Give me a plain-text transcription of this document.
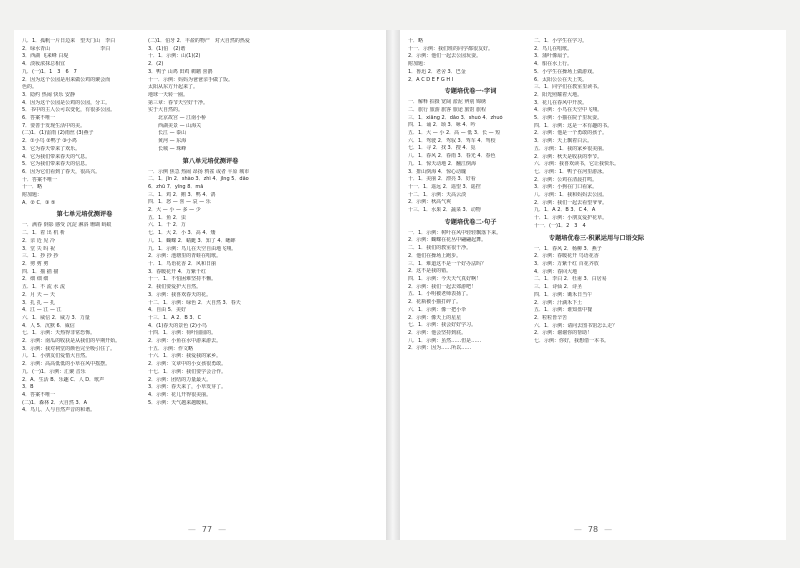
八．1．孤帆一片日边来　望天门山　李白
2．绿水青山　　　　　　　　　　李白
3．西湖 飞来峰 白堤　　　　　
4．淡妆浓抹总相宜　　　　　　
九．(一)1．1　3　6　7
2．因为这个公园是用来做公鸡的聚会而
色的。
3．隐约 热闹 快乐 安静
4．因为这个公园是公鸡的公园，分工。
5．书中的主人公可以变化，有很多公园。
6．答案不唯一　　　　　
7．要善于发现生活中的美。
(二)1．(1)雷雨 (2)雨丝 (3)燕子
2．①小鸟 ②鸭子 ③小鸡
3．它为春天带来了欢乐。
4．它为我们带来春天的气息。
5．它为我们带来春天的信息。
6．因为它们看到了春天，很高兴。
十．答案不唯一
十一．略
附加题：
A．② C．③ ⑤
第七单元培优测评卷
一．满春 倒影 感受 沉淀 淋浴 珊瑚 蚂蚁
二．1．着 出 机 析
2．亲 近 见 冷
3．堂 失 吗 祝
三．1．抄 抄 抄
2．剪 剪 剪
四．1．描 描 描
2．细 细 细
五．1．不 流 水 流
2．月 天 — 天
3．扎 扎 — 扎
4．江 — 江 — 江
六．1．威信 2．威力 3．力量
4．人 5．沉默 6．威信
七．1．示例：天热得非常恐怖。
2．示例：南瓜的收获是从我们的早期开始。
3．示例：我对祠堂的颜色完全吸引住了。
八．1．小朋友们爱惜大自然。
2．示例：高高低低的小草在风中摇摆。
九．(一)1．示例：汇聚 音乐
2．A．生活 B．乐趣 C．人 D．歌声
3．B
4．答案不唯一
(二)1．森林 2．大自然 3．A
4．鸟儿、人与自然声音的和谐。
(二)1．伯牙 2．丰盈的物产　对大自然的热爱
3．(1)伯　(2)谐
十．1．示例：山(1)(2)
2．(2)
3．鸭子 山鸡 田鸡 鹈鹕 喜鹊
十一．示例：妈妈为爸爸亲手做了饭。
太阳从东方升起来了。
地球一天转一圈。
第三章：春节天空好干净。
实于大自然的。
　　北京故宫 — 江南小桥
　　西湖美景 — 山海关
　　长江 — 泰山
　　黄河 — 东海
　　长城 — 珠峰
第八单元培优测评卷
一．示例 焦急 热闹 昂扬 鸦雀 或者 平原 城市
二．1．jīn 2．shào 3．zhì 4．jǐng 5．dǎo
6．zhū 7．yīng 8．mǎ
三．1．鸡 2．鹅 3．鸭 4．鸽
四．1．怒 — 喜 — 哀 — 乐
2．大 — 小 — 多 — 少
五．1．鱼 2．虫
六．1．千 2．万
七．1．大 2．小 3．高 4．矮
八．1．蝴蝶 2．蜻蜓 3．知了 4．蟋蟀
九．1．示例：鸟儿在天空自由地飞翔。
2．示例：池塘里的青蛙在唱歌。
十．1．鸟语花香 2．风和日丽
3．春暖花开 4．万紫千红
十一．1．不怕困难坚持不懈。
2．我们要爱护大自然。
3．示例：我喜欢春天的花。
十二．1．示例：绿色 2．大自然 3．春天
4．自由 5．美好
十三．1．A 2．B 3．C
4．(1)春天的景色 (2)小鸟
十四．1．示例：荷叶圆圆的。
2．示例：小鱼在水中游来游去。
十五．示例：作文略
十六．1．示例：我爱我的家乡。
2．示例：文章中的小女孩很勇敢。
十七．1．示例：我们要学会合作。
2．示例：团结的力量最大。
3．示例：春天来了，小草发芽了。
4．示例：花儿开得很美丽。
5．示例：天气越来越暖和。
— 77 —
十．略
十一．示例：我们班的同学都很友好。
2．示例：他们一起去公园玩耍。
附加题：
1．鲁迅 2．老舍 3．巴金
2．A C D E F G H I
专题培优卷一·字词
一．解释 拍摄 宽阔 淤泥 辨别 锦绣
二．旅行 旅游 旅客 旅途 旅馆 旅程
三．1．xiāng 2．dǎo 3．shuò 4．zhuó
四．1．诵 2．颂 3．咏 4．吟
五．1．大 — 小 2．高 — 低 3．长 — 短
六．1．驾驶 2．驾驭 3．驾车 4．驾校
七．1．寻 2．找 3．搜 4．觅
八．1．春风 2．春雨 3．春光 4．春色
九．1．惊天动地 2．翻江倒海
3．排山倒海 4．惊心动魄
十．1．美丽 2．漂亮 3．好看
十一．1．遥远 2．遥望 3．遥控
十二．1．示例：天高云淡
2．示例：秋高气爽
十三．1．水果 2．蔬菜 3．动物
专题培优卷二·句子
一．1．示例：树叶在风中轻轻飘落下来。
2．示例：蝴蝶在花丛中翩翩起舞。
二．1．我们的教室很干净。
2．他们在操场上跑步。
三．1．难道这不是一个好办法吗？
2．这不是我的错。
四．1．示例：今天天气真好啊！
2．示例：我们一起去郊游吧！
五．1．小明被老师表扬了。
2．花瓶被小猫打碎了。
六．1．示例：像一把小伞
2．示例：像天上的星星
七．1．示例：我会好好学习。
2．示例：他会坚持到底。
八．1．示例：虽然……但是……
2．示例：因为……所以……
二．1．小学生在学习。
2．鸟儿在唱歌。
3．蒲叶像扇子。
4．船在水上行。
5．小学生在操场上做游戏。
6．太阳公公在天上笑。
三．1．同学们在教室里读书。
2．阳光照耀着大地。
3．花儿在春风中开放。
4．示例：小鸟在天空中飞翔。
5．示例：小猫在院子里玩耍。
四．1．示例：这是一本有趣的书。
2．示例：他是一个勇敢的孩子。
3．示例：天上飘着白云。
五．示例：1．我的家乡很美丽。
2．示例：秋天是收获的季节。
六．示例：我喜欢读书，它让我快乐。
七．示例：1．鸭子在河里游泳。
2．示例：公鸡在清晨打鸣。
3．示例：小狗在门口看家。
八．示例：1．我和妈妈去公园。
2．示例：我们一起去看望爷爷。
九．1．A 2．B 3．C 4．A
十．1．示例：小朋友爱护花草。
十一．(一)1．2　3　4
专题培优卷三·积累运用与口语交际
一．1．春风 2．杨柳 3．燕子
2．示例：春暖花开 鸟语花香
3．示例：万紫千红 百花齐放
4．示例：春回大地
二．1．李白 2．杜甫 3．白居易
三．1．诗仙 2．诗圣
四．1．示例：锄禾日当午
2．示例：汗滴禾下土
五．1．示例：谁知盘中餐
2．粒粒皆辛苦
六．1．示例：请问去图书馆怎么走？
2．示例：谢谢你的帮助！
七．示例：你好，我想借一本书。
— 78 —
